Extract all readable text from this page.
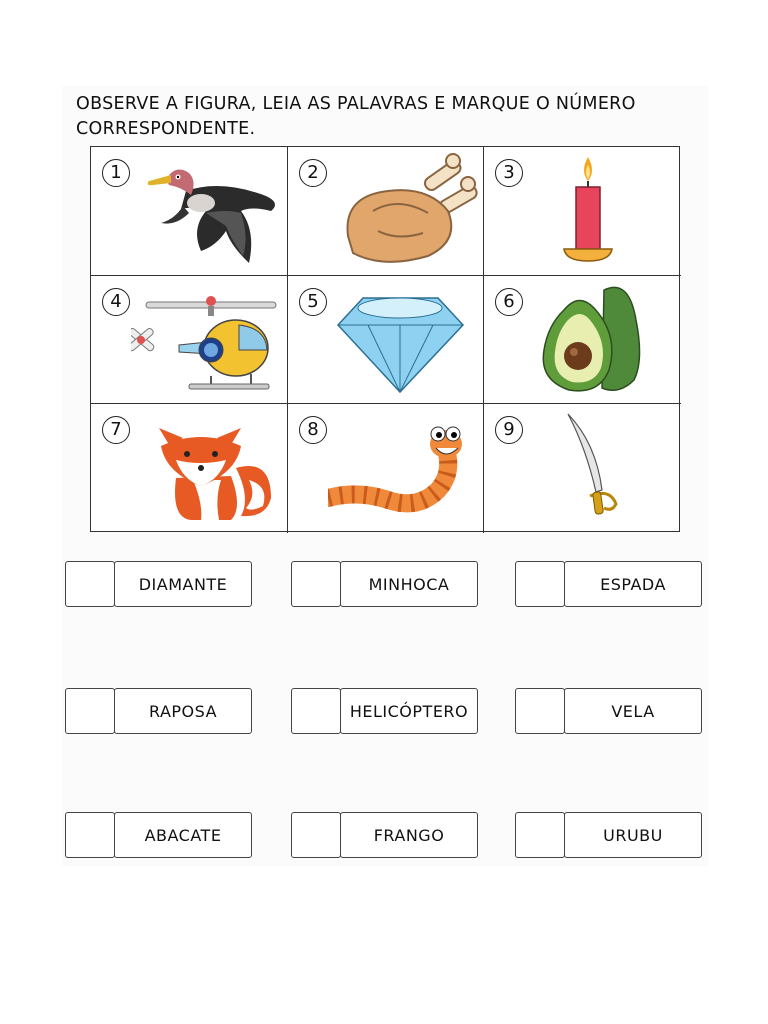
OBSERVE A FIGURA, LEIA AS PALAVRAS E MARQUE O NÚMERO CORRESPONDENTE.
1	2	3
4	5	6
7	8	9
DIAMANTE	MINHOCA	ESPADA
RAPOSA	HELICÓPTERO	VELA
ABACATE	FRANGO	URUBU
